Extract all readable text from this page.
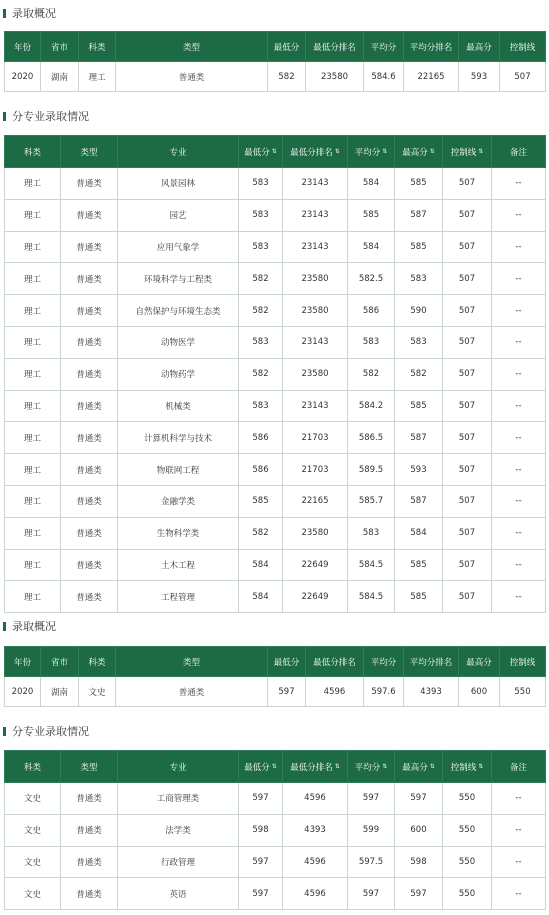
录取概况
年份	省市	科类	类型	最低分	最低分排名	平均分	平均分排名	最高分	控制线
2020	湖南	理工	普通类	582	23580	584.6	22165	593	507
分专业录取情况
科类	类型	专业	最低分 ⇅	最低分排名 ⇅	平均分 ⇅	最高分 ⇅	控制线 ⇅	备注
理工	普通类	风景园林	583	23143	584	585	507	--
理工	普通类	园艺	583	23143	585	587	507	--
理工	普通类	应用气象学	583	23143	584	585	507	--
理工	普通类	环境科学与工程类	582	23580	582.5	583	507	--
理工	普通类	自然保护与环境生态类	582	23580	586	590	507	--
理工	普通类	动物医学	583	23143	583	583	507	--
理工	普通类	动物药学	582	23580	582	582	507	--
理工	普通类	机械类	583	23143	584.2	585	507	--
理工	普通类	计算机科学与技术	586	21703	586.5	587	507	--
理工	普通类	物联网工程	586	21703	589.5	593	507	--
理工	普通类	金融学类	585	22165	585.7	587	507	--
理工	普通类	生物科学类	582	23580	583	584	507	--
理工	普通类	土木工程	584	22649	584.5	585	507	--
理工	普通类	工程管理	584	22649	584.5	585	507	--
录取概况
年份	省市	科类	类型	最低分	最低分排名	平均分	平均分排名	最高分	控制线
2020	湖南	文史	普通类	597	4596	597.6	4393	600	550
分专业录取情况
科类	类型	专业	最低分 ⇅	最低分排名 ⇅	平均分 ⇅	最高分 ⇅	控制线 ⇅	备注
文史	普通类	工商管理类	597	4596	597	597	550	--
文史	普通类	法学类	598	4393	599	600	550	--
文史	普通类	行政管理	597	4596	597.5	598	550	--
文史	普通类	英语	597	4596	597	597	550	--
